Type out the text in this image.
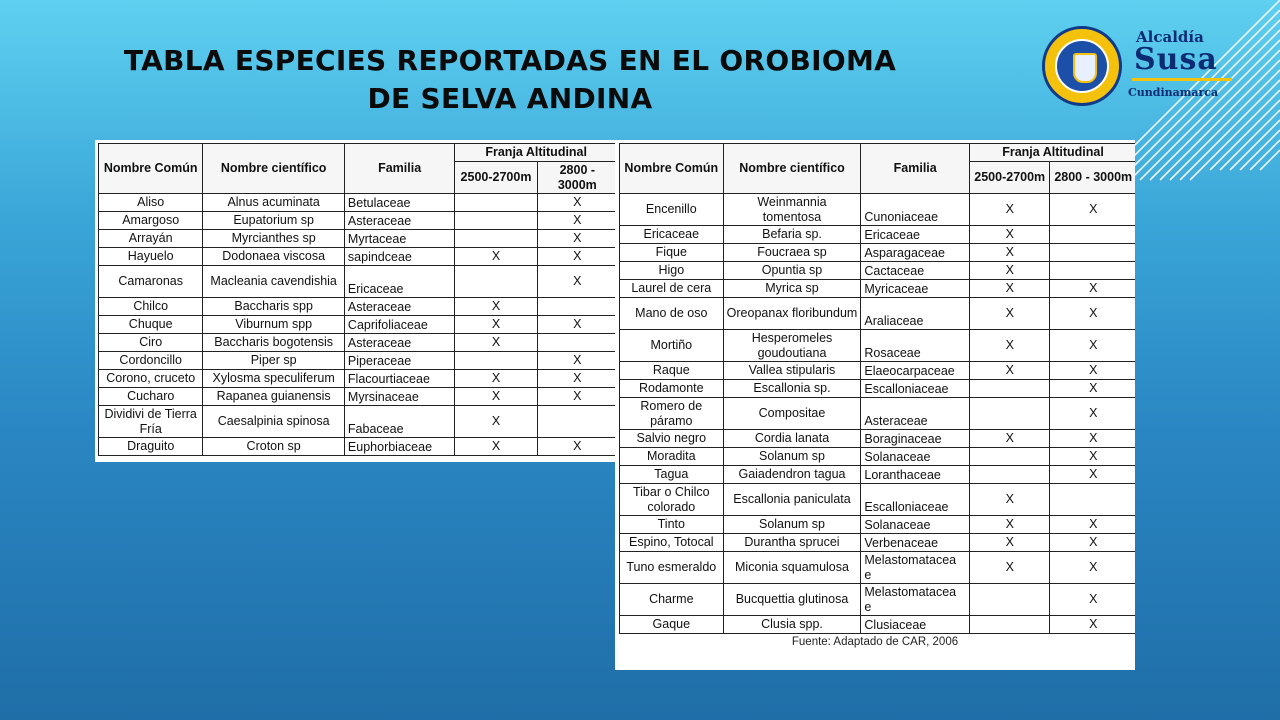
TABLA ESPECIES REPORTADAS EN EL OROBIOMA
DE SELVA ANDINA
Alcaldía
Susa
Cundinamarca
Nombre Común	Nombre científico	Familia	Franja Altitudinal	
			2500-2700m	2800 - 3000m
Aliso	Alnus acuminata	Betulaceae		X
Amargoso	Eupatorium sp	Asteraceae		X
Arrayán	Myrcianthes sp	Myrtaceae		X
Hayuelo	Dodonaea viscosa	sapindceae	X	X
Camaronas	Macleania cavendishia	Ericaceae		X
Chilco	Baccharis spp	Asteraceae	X	
Chuque	Viburnum spp	Caprifoliaceae	X	X
Ciro	Baccharis bogotensis	Asteraceae	X	
Cordoncillo	Piper sp	Piperaceae		X
Corono, cruceto	Xylosma speculiferum	Flacourtiaceae	X	X
Cucharo	Rapanea guianensis	Myrsinaceae	X	X
Dividivi de Tierra Fría	Caesalpinia spinosa	Fabaceae	X	
Draguito	Croton sp	Euphorbiaceae	X	X
Nombre Común	Nombre científico	Familia	Franja Altitudinal	
			2500-2700m	2800 - 3000m
Encenillo	Weinmannia tomentosa	Cunoniaceae	X	X
Ericaceae	Befaria sp.	Ericaceae	X	
Fique	Foucraea sp	Asparagaceae	X	
Higo	Opuntia sp	Cactaceae	X	
Laurel de cera	Myrica sp	Myricaceae	X	X
Mano de oso	Oreopanax floribundum	Araliaceae	X	X
Mortiño	Hesperomeles goudoutiana	Rosaceae	X	X
Raque	Vallea stipularis	Elaeocarpaceae	X	X
Rodamonte	Escallonia sp.	Escalloniaceae		X
Romero de páramo	Compositae	Asteraceae		X
Salvio negro	Cordia lanata	Boraginaceae	X	X
Moradita	Solanum sp	Solanaceae		X
Tagua	Gaiadendron tagua	Loranthaceae		X
Tibar o Chilco colorado	Escallonia paniculata	Escalloniaceae	X	
Tinto	Solanum sp	Solanaceae	X	X
Espino, Totocal	Durantha sprucei	Verbenaceae	X	X
Tuno esmeraldo	Miconia squamulosa	Melastomatacea e	X	X
Charme	Bucquettia glutinosa	Melastomatacea e		X
Gaque	Clusia spp.	Clusiaceae		X
Fuente: Adaptado de CAR, 2006
